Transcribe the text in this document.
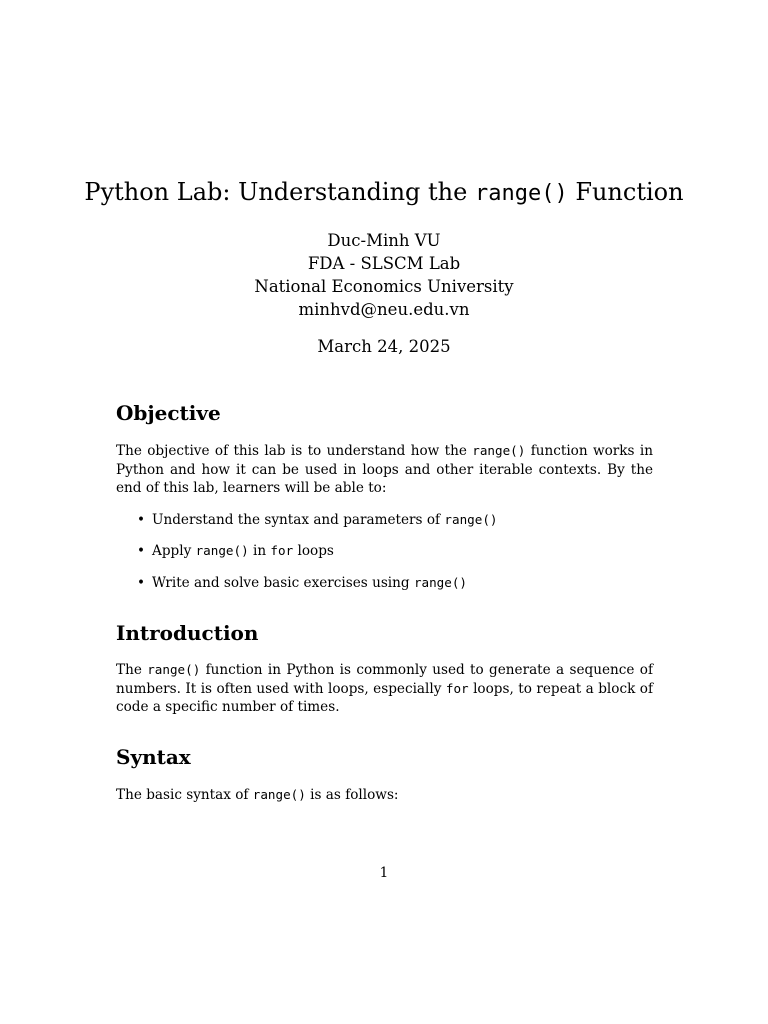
Python Lab: Understanding the range() Function
Duc-Minh VU
FDA - SLSCM Lab
National Economics University
minhvd@neu.edu.vn
March 24, 2025
Objective

The objective of this lab is to understand how the range() function works in Python and how it can be used in loops and other iterable contexts. By the end of this lab, learners will be able to:

• Understand the syntax and parameters of range()
• Apply range() in for loops
• Write and solve basic exercises using range()
Introduction

The range() function in Python is commonly used to generate a sequence of numbers. It is often used with loops, especially for loops, to repeat a block of code a specific number of times.

Syntax

The basic syntax of range() is as follows:

1
